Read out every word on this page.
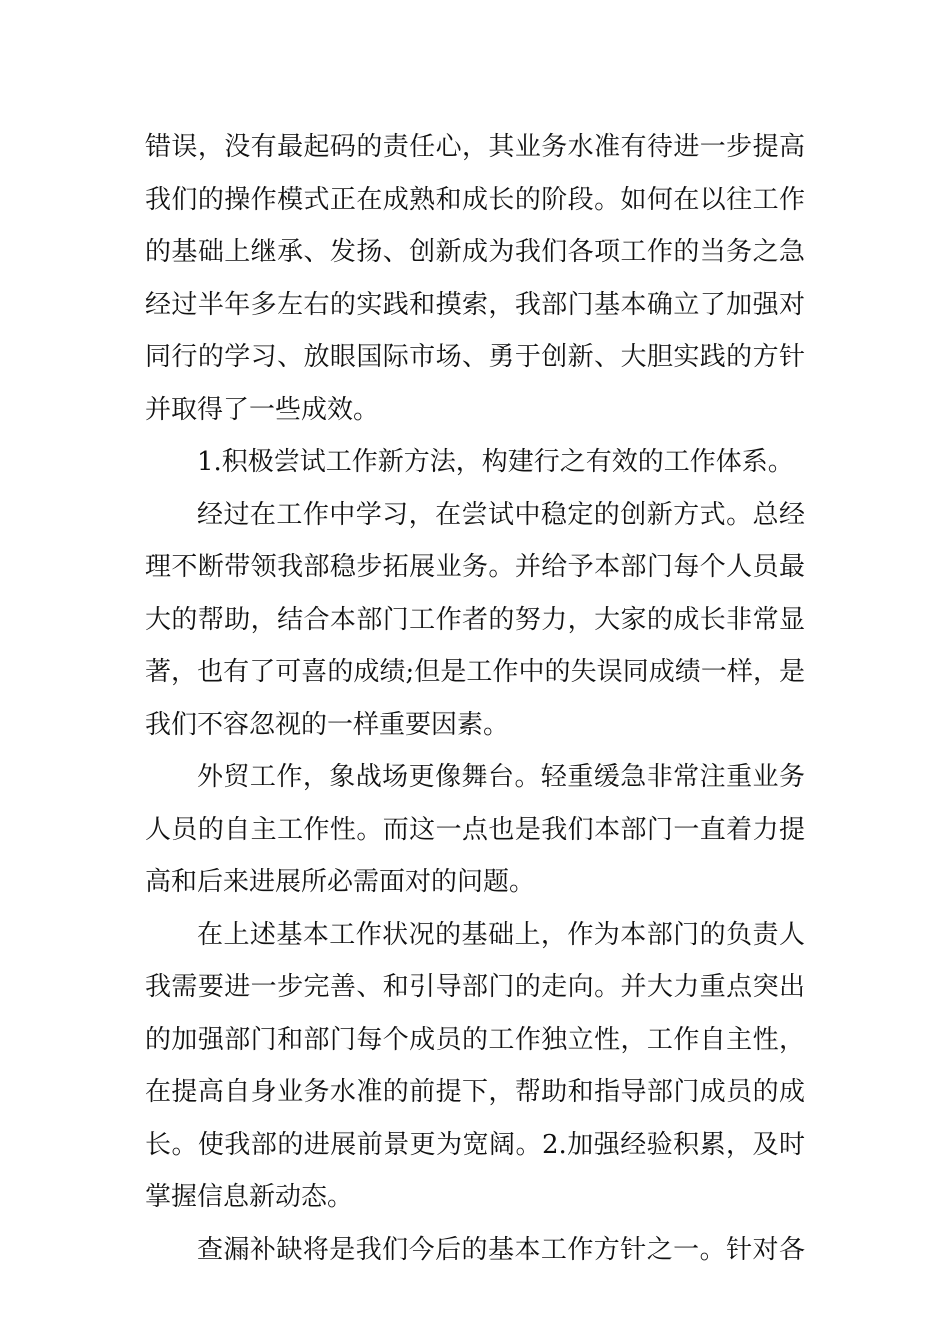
错误，没有最起码的责任心，其业务水准有待进一步提高
我们的操作模式正在成熟和成长的阶段。如何在以往工作
的基础上继承、发扬、创新成为我们各项工作的当务之急
经过半年多左右的实践和摸索，我部门基本确立了加强对
同行的学习、放眼国际市场、勇于创新、大胆实践的方针
并取得了一些成效。
1.积极尝试工作新方法，构建行之有效的工作体系。
经过在工作中学习，在尝试中稳定的创新方式。总经
理不断带领我部稳步拓展业务。并给予本部门每个人员最
大的帮助，结合本部门工作者的努力，大家的成长非常显
著，也有了可喜的成绩;但是工作中的失误同成绩一样，是
我们不容忽视的一样重要因素。
外贸工作，象战场更像舞台。轻重缓急非常注重业务
人员的自主工作性。而这一点也是我们本部门一直着力提
高和后来进展所必需面对的问题。
在上述基本工作状况的基础上，作为本部门的负责人
我需要进一步完善、和引导部门的走向。并大力重点突出
的加强部门和部门每个成员的工作独立性，工作自主性，
在提高自身业务水准的前提下，帮助和指导部门成员的成
长。使我部的进展前景更为宽阔。2.加强经验积累，及时
掌握信息新动态。
查漏补缺将是我们今后的基本工作方针之一。针对各
